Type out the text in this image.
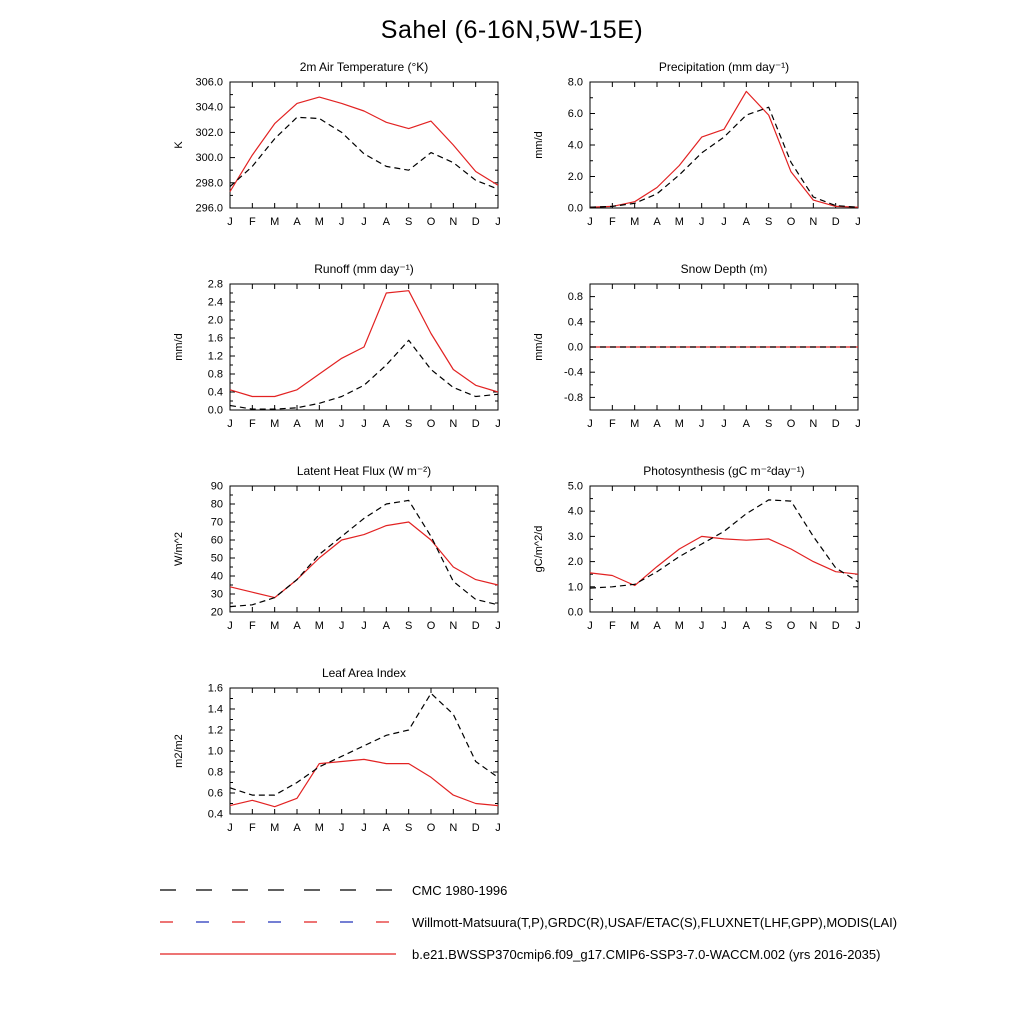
Sahel (6-16N,5W-15E)
2m Air Temperature (°K)
296.0
298.0
300.0
302.0
304.0
306.0
J F M A M J J A S O N D J
K
Precipitation (mm day⁻¹)
0.0
2.0
4.0
6.0
8.0
J F M A M J J A S O N D J
mm/d
Runoff (mm day⁻¹)
0.0
0.4
0.8
1.2
1.6
2.0
2.4
2.8
J F M A M J J A S O N D J
mm/d
Snow Depth (m)
-0.8
-0.4
0.0
0.4
0.8
J F M A M J J A S O N D J
mm/d
Latent Heat Flux (W m⁻²)
20
30
40
50
60
70
80
90
J F M A M J J A S O N D J
W/m^2
Photosynthesis (gC m⁻²day⁻¹)
0.0
1.0
2.0
3.0
4.0
5.0
J F M A M J J A S O N D J
gC/m^2/d
Leaf Area Index
0.4
0.6
0.8
1.0
1.2
1.4
1.6
J F M A M J J A S O N D J
m2/m2
CMC 1980-1996
Willmott-Matsuura(T,P),GRDC(R),USAF/ETAC(S),FLUXNET(LHF,GPP),MODIS(LAI)
b.e21.BWSSP370cmip6.f09_g17.CMIP6-SSP3-7.0-WACCM.002 (yrs 2016-2035)
